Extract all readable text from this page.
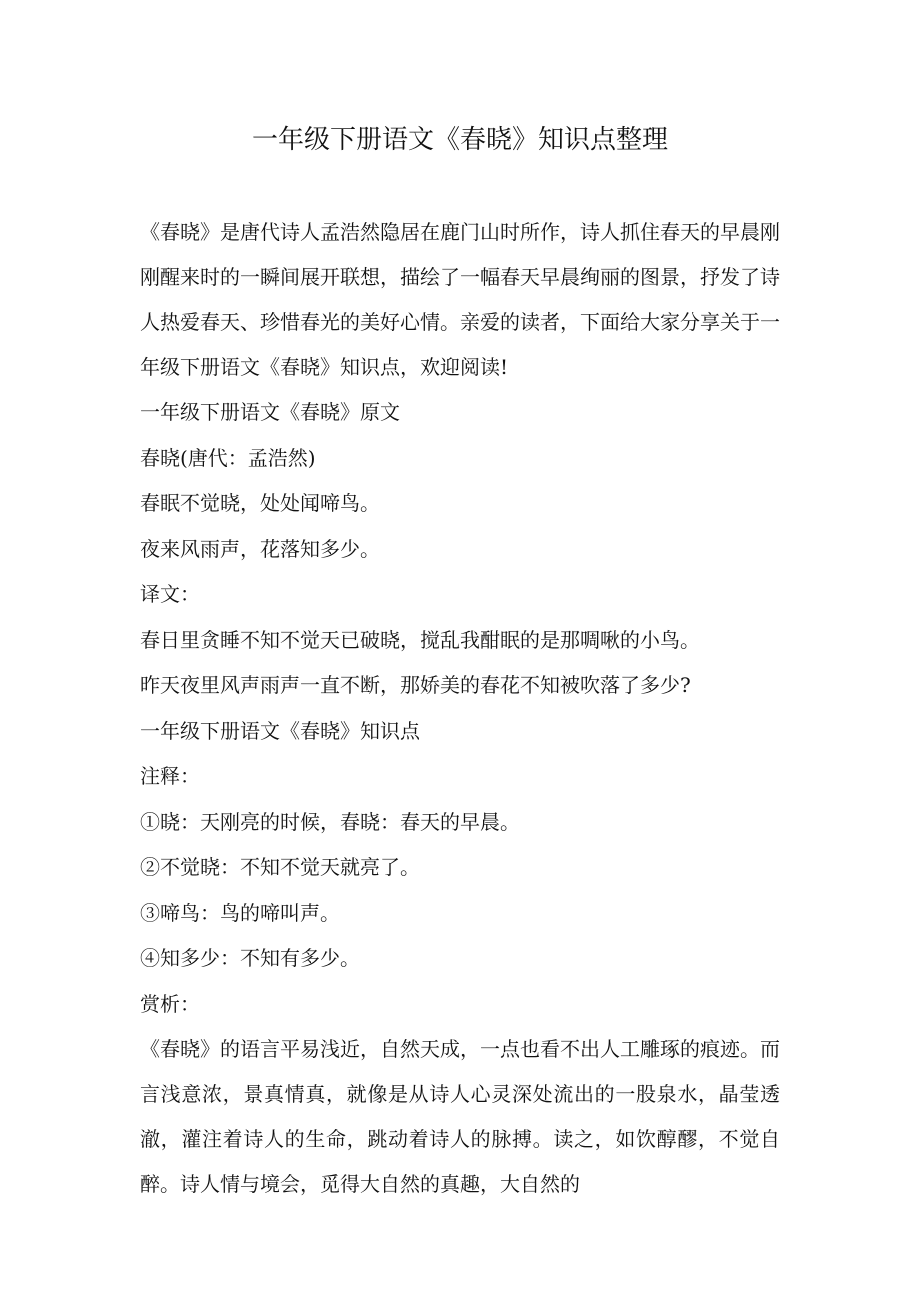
一年级下册语文《春晓》知识点整理

《春晓》是唐代诗人孟浩然隐居在鹿门山时所作，诗人抓住春天的早晨刚刚醒来时的一瞬间展开联想，描绘了一幅春天早晨绚丽的图景，抒发了诗人热爱春天、珍惜春光的美好心情。亲爱的读者，下面给大家分享关于一年级下册语文《春晓》知识点，欢迎阅读!

一年级下册语文《春晓》原文

春晓(唐代：孟浩然)

春眠不觉晓，处处闻啼鸟。

夜来风雨声，花落知多少。

译文：

春日里贪睡不知不觉天已破晓，搅乱我酣眠的是那啁啾的小鸟。

昨天夜里风声雨声一直不断，那娇美的春花不知被吹落了多少?

一年级下册语文《春晓》知识点

注释：

①晓：天刚亮的时候，春晓：春天的早晨。

②不觉晓：不知不觉天就亮了。

③啼鸟：鸟的啼叫声。

④知多少：不知有多少。

赏析：

《春晓》的语言平易浅近，自然天成，一点也看不出人工雕琢的痕迹。而言浅意浓，景真情真，就像是从诗人心灵深处流出的一股泉水，晶莹透澈，灌注着诗人的生命，跳动着诗人的脉搏。读之，如饮醇醪，不觉自醉。诗人情与境会，觅得大自然的真趣，大自然的
